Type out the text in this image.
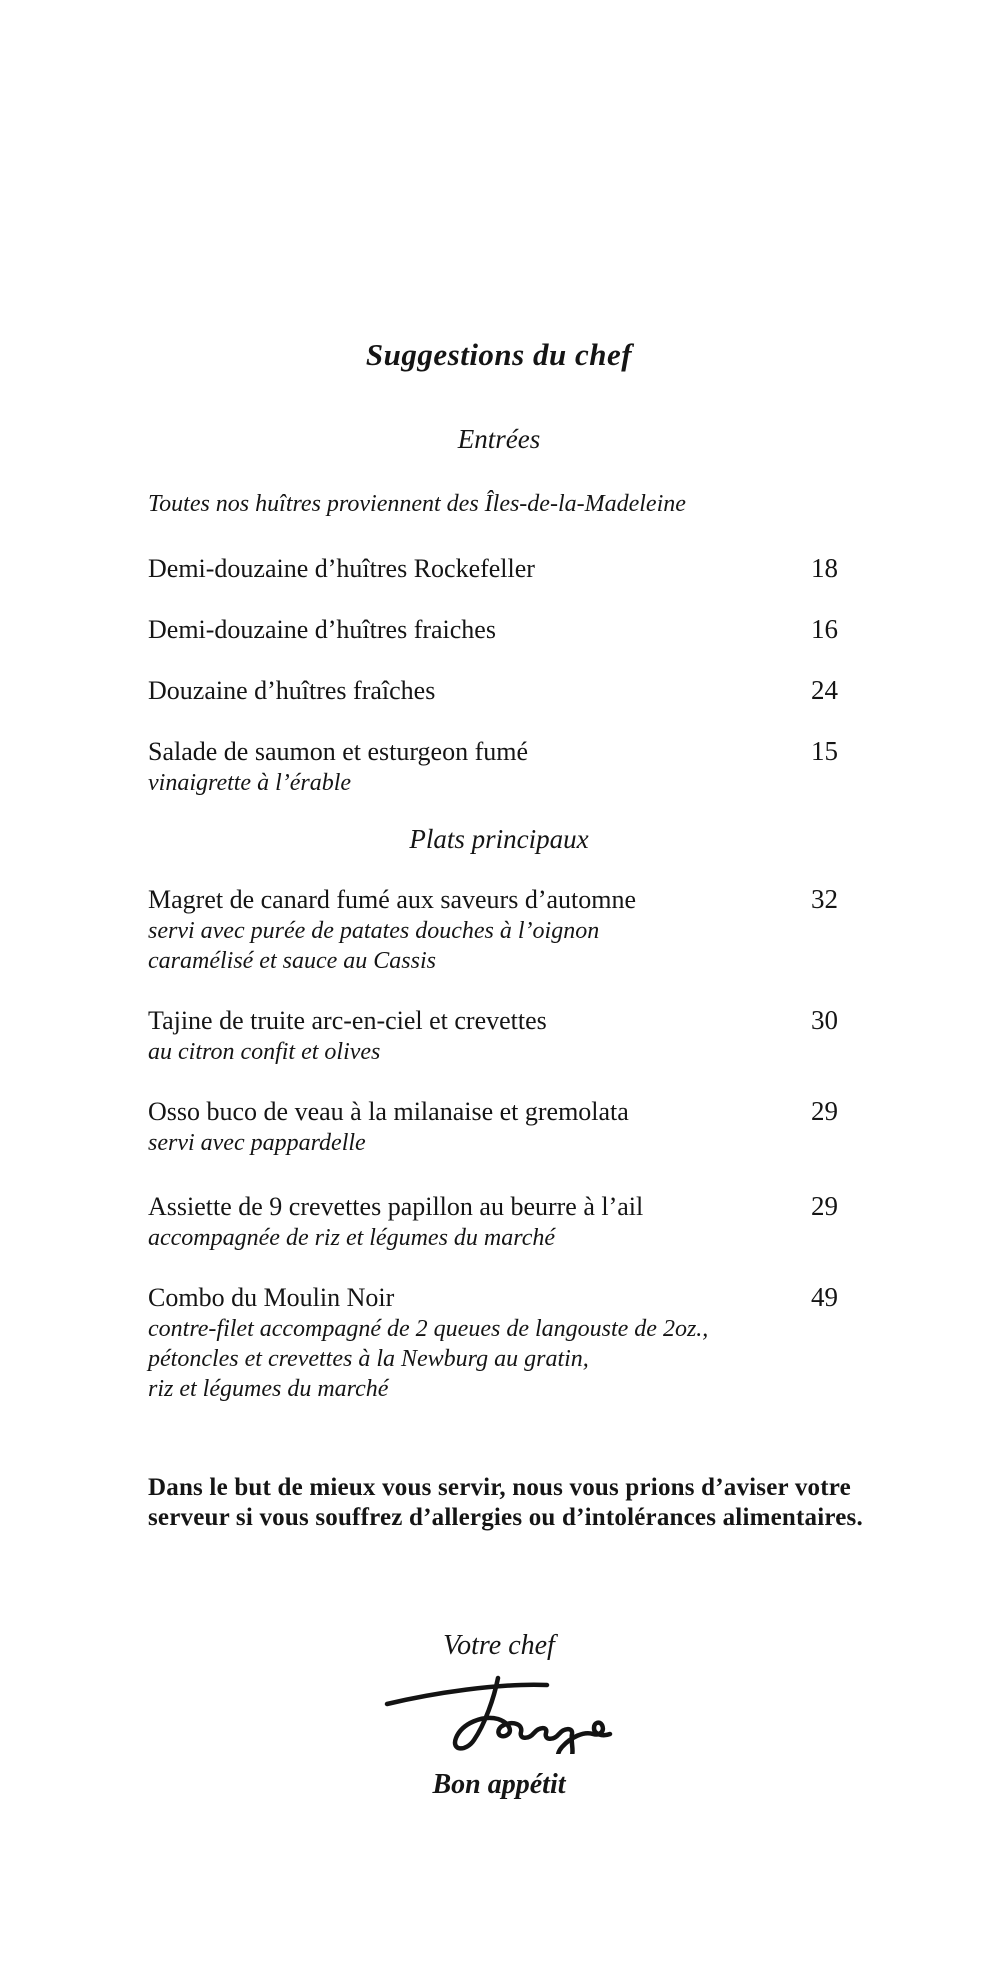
Suggestions du chef
Entrées
Toutes nos huîtres proviennent des Îles-de-la-Madeleine
Demi-douzaine d’huîtres Rockefeller	18
Demi-douzaine d’huîtres fraiches	16
Douzaine d’huîtres fraîches	24
Salade de saumon et esturgeon fumé	15
vinaigrette à l’érable
Plats principaux
Magret de canard fumé aux saveurs d’automne	32
servi avec purée de patates douches à l’oignon
caramélisé et sauce au Cassis
Tajine de truite arc-en-ciel et crevettes	30
au citron confit et olives
Osso buco de veau à la milanaise et gremolata	29
servi avec pappardelle
Assiette de 9 crevettes papillon au beurre à l’ail	29
accompagnée de riz et légumes du marché
Combo du Moulin Noir	49
contre-filet accompagné de 2 queues de langouste de 2oz.,
pétoncles et crevettes à la Newburg au gratin,
riz et légumes du marché
Dans le but de mieux vous servir, nous vous prions d’aviser votre
serveur si vous souffrez d’allergies ou d’intolérances alimentaires.
Votre chef
Bon appétit
